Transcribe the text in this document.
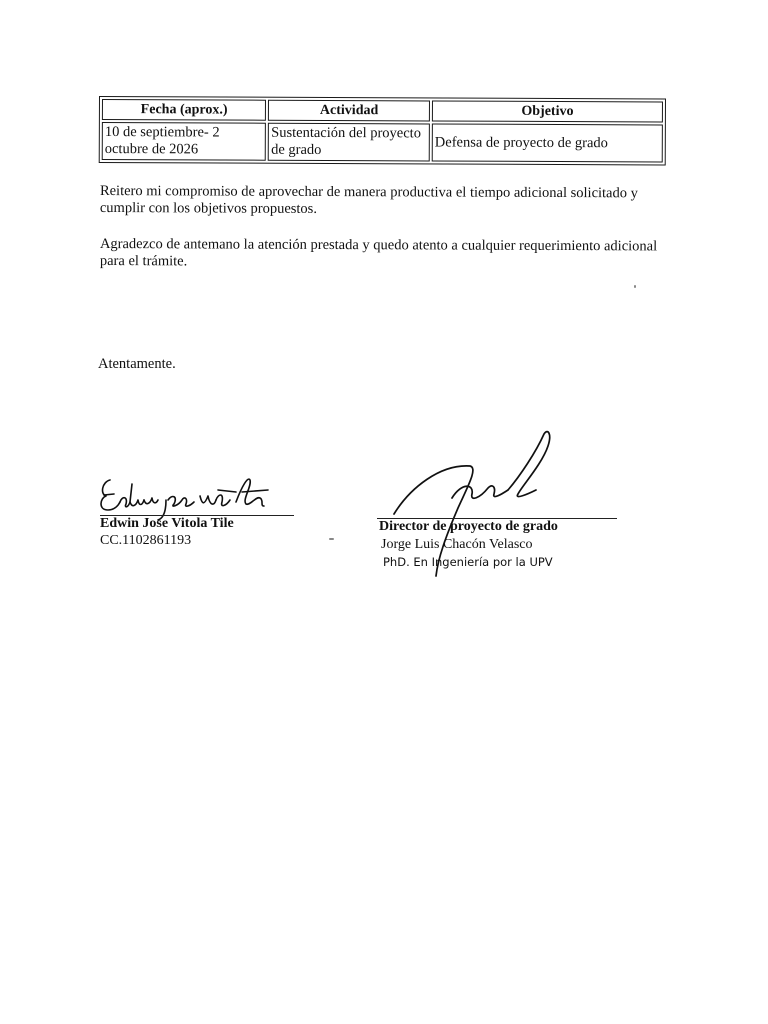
Fecha (aprox.)	Actividad	Objetivo
10 de septiembre- 2 octubre de 2026	Sustentación del proyecto de grado	Defensa de proyecto de grado

Reitero mi compromiso de aprovechar de manera productiva el tiempo adicional solicitado y cumplir con los objetivos propuestos.

Agradezco de antemano la atención prestada y quedo atento a cualquier requerimiento adicional para el trámite.

Atentamente.

Edwin Jose Vitola Tile

CC.1102861193

Director de proyecto de grado

Jorge Luis Chacón Velasco

PhD. En Ingeniería por la UPV
